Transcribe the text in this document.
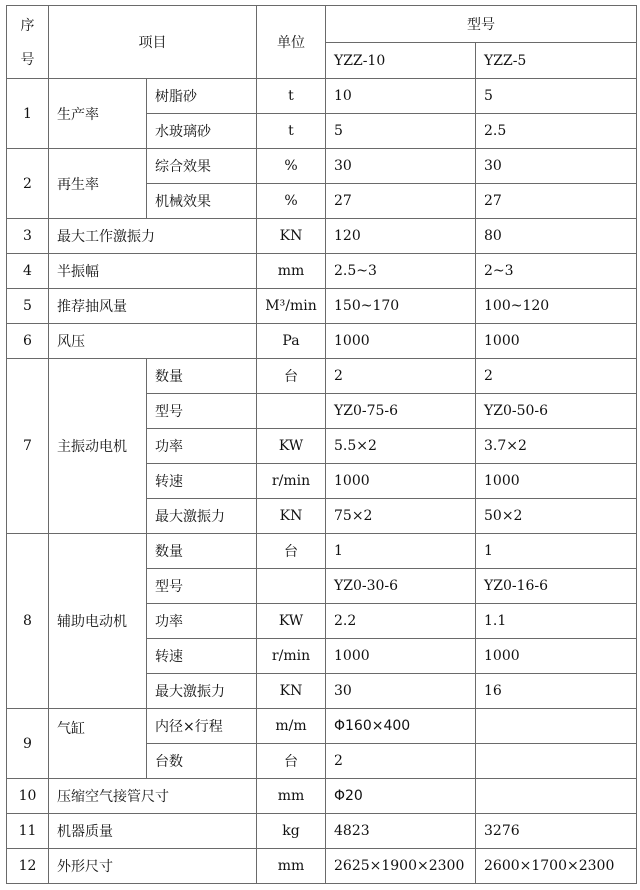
序
号	项目		单位	型号	
				YZZ-10	YZZ-5
1	生产率	树脂砂	t	10	5
		水玻璃砂	t	5	2.5
2	再生率	综合效果	%	30	30
		机械效果	%	27	27
3	最大工作激振力		KN	120	80
4	半振幅		mm	2.5~3	2~3
5	推荐抽风量		M³/min	150~170	100~120
6	风压		Pa	1000	1000
7	主振动电机	数量	台	2	2
		型号		YZ0-75-6	YZ0-50-6
		功率	KW	5.5×2	3.7×2
		转速	r/min	1000	1000
		最大激振力	KN	75×2	50×2
8	辅助电动机	数量	台	1	1
		型号		YZ0-30-6	YZ0-16-6
		功率	KW	2.2	1.1
		转速	r/min	1000	1000
		最大激振力	KN	30	16
9	气缸	内径×行程	m/m	Φ160×400	
		台数	台	2	
10	压缩空气接管尺寸		mm	Φ20	
11	机器质量		kg	4823	3276
12	外形尺寸		mm	2625×1900×2300	2600×1700×2300
